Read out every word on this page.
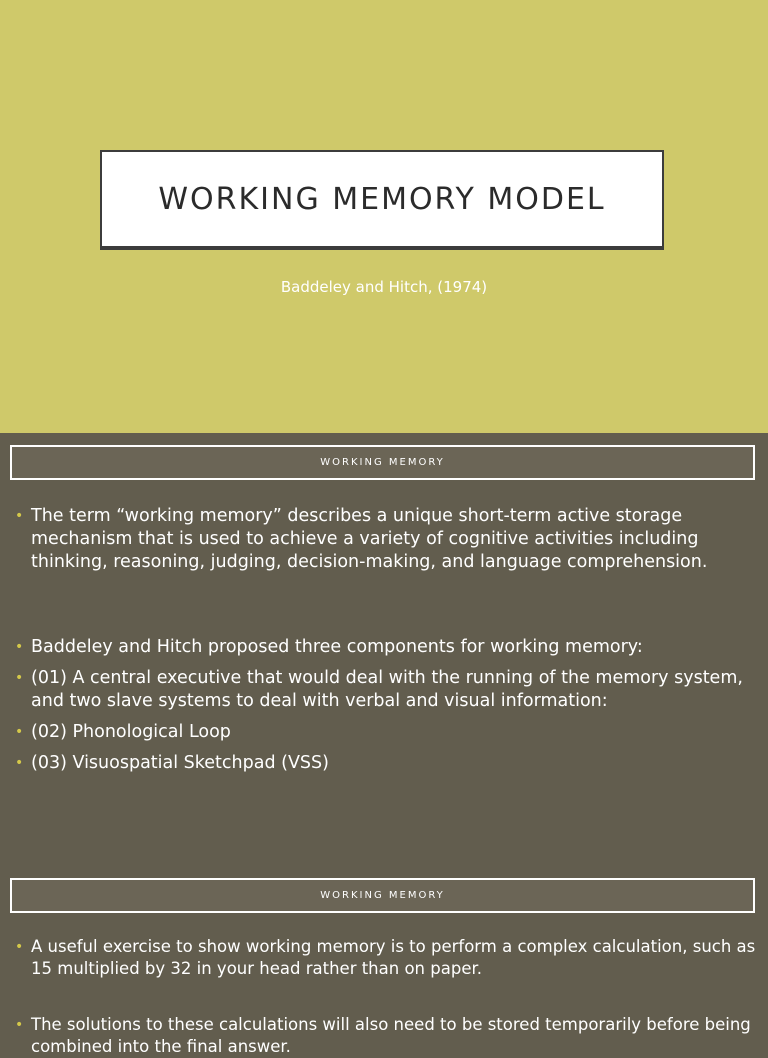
WORKING MEMORY MODEL
Baddeley and Hitch, (1974)
WORKING MEMORY
• The term “working memory” describes a unique short-term active storage mechanism that is used to achieve a variety of cognitive activities including thinking, reasoning, judging, decision-making, and language comprehension.
• Baddeley and Hitch proposed three components for working memory:
• (01) A central executive that would deal with the running of the memory system, and two slave systems to deal with verbal and visual information:
• (02) Phonological Loop
• (03) Visuospatial Sketchpad (VSS)
WORKING MEMORY
• A useful exercise to show working memory is to perform a complex calculation, such as 15 multiplied by 32 in your head rather than on paper.
• The solutions to these calculations will also need to be stored temporarily before being combined into the final answer.
